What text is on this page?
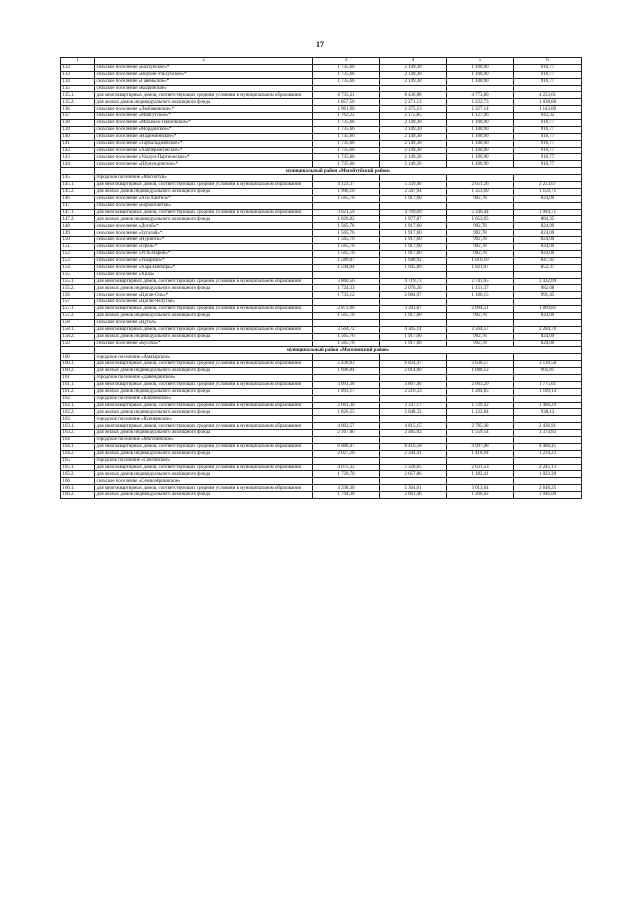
17
1	2	3	4	5	6
132	сельское поселение «Бахтуйское»*	1 735,66	2 149,30	1 100,90	916,77
133	сельское поселение «Верхне-Ульхунское»*	1 735,66	2 149,30	1 100,90	916,77
134	сельское поселение «Гавеньское»*	1 735,66	2 149,30	1 100,90	916,77
135	сельское поселение «Кыринское»				
135.1.	для многоквартирных домов, соответствующих средним условиям в муниципальном образовании	6 735,21	8 436,88	4 773,80	4 253,61
135.2.	для жилых домов индивидуального жилищного фонда	1 857,50	2 271,13	1 222,73	1 038,60
136	сельское поселение «Любавинское»*	1 961,90	2 375,53	1 327,14	1 143,00
137	сельское поселение «Мангутское»*	1 762,22	2 175,85	1 127,46	943,32
138	сельское поселение «Михайло-Павловское»*	1 735,66	2 149,30	1 100,90	916,77
139	сельское поселение «Мордойское»*	1 735,66	2 149,30	1 100,90	916,77
140	сельское поселение «Надёжнинское»*	1 735,66	2 149,30	1 100,90	916,77
141	сельское поселение «Тарбальджейское»*	1 735,66	2 149,30	1 100,90	916,77
142	сельское поселение «Хапчерангинское»*	1 735,66	2 149,30	1 100,90	916,77
143	сельское поселение «Ульхун-Партионское»*	1 735,66	2 149,30	1 100,90	916,77
144	сельское поселение «Шумундинское»*	1 735,66	2 149,30	1 100,90	916,77
	муниципальный район «Могойтуйский район»				
145	городское поселение «Могойтуй»				
145.1.	для многоквартирных домов, соответствующих средним условиям в муниципальном образовании	4 123,37	5 339,46	2 651,26	2 253,07
145.2.	для жилых домов индивидуального жилищного фонда	1 996,10	2 347,94	1 353,09	1 159,71
146	сельское поселение «Ага-Хангил»*	1 565,76	1 917,60	992,78	824,09
147	сельское поселение «Боржигантай»				
147.1.	для многоквартирных домов, соответствующих средним условиям в муниципальном образовании	3 621,59	4 709,09	2 340,44	1 994,71
147.2.	для жилых домов индивидуального жилищного фонда	1 626,02	1 977,87	1 053,05	884,35
148	сельское поселение «Догой»*	1 565,76	1 917,60	992,78	824,09
149	сельское поселение «Зугалай»*	1 565,76	1 917,60	992,78	824,09
150	сельское поселение «Нуринск»*	1 565,76	1 917,60	992,78	824,09
151	сельское поселение «Орой»*	1 565,76	1 917,60	992,78	824,09
152	сельское поселение «Усть-Нарин»*	1 565,76	1 917,60	992,78	824,09
153	сельское поселение «Ушарбай»*	1 589,07	1 940,92	1 016,10	847,41
154	сельское поселение «Хара-Шибирь»*	1 594,04	1 945,89	1 021,07	852,37
155	сельское поселение «Хила»				
155.1.	для многоквартирных домов, соответствующих средним условиям в муниципальном образовании	3 860,56	4 719,73	2 741,65	2 432,09
155.2.	для жилых домов индивидуального жилищного фонда	1 724,33	2 076,20	1 151,37	982,68
156	сельское поселение «Цаган-Оль»*	1 733,12	2 084,97	1 160,15	991,45
157	сельское поселение «Цаган-Челутай»				
157.1.	для многоквартирных домов, соответствующих средним условиям в муниципальном образовании	2 873,96	3 393,67	2 094,51	1 869,81
157.2.	для жилых домов индивидуального жилищного фонда	1 565,76	1 917,60	992,78	824,09
158	сельское поселение «Цугол»				
158.1.	для многоквартирных домов, соответствующих средним условиям в муниципальном образовании	3 564,72	4 305,14	2 564,57	2 284,70
158.2.	для жилых домов индивидуального жилищного фонда	1 565,76	1 917,60	992,78	824,09
159	сельское поселение «Кусоча»*	1 565,76	1 917,60	992,78	824,09
	муниципальный район «Могочинский район»				
160	городское поселение «Амазарское»				
160.1.	для многоквартирных домов, соответствующих средним условиям в муниципальном образовании	5 430,83	6 824,47	3 630,57	3 136,58
160.2.	для жилых домов индивидуального жилищного фонда	1 696,84	2 014,00	1 088,52	905,81
161	городское поселение «Давендинское»				
161.1.	для многоквартирных домов, соответствующих средним условиям в муниципальном образовании	3 093,38	3 867,46	2 063,29	1 775,61
161.2.	для жилых домов индивидуального жилищного фонда	1 893,17	2 210,33	1 284,85	1 109,14
162	городское поселение «Ключевское»				
162.1.	для многоквартирных домов, соответствующих средним условиям в муниципальном образовании	2 661,30	3 337,17	1 729,42	1 466,29
162.2.	для жилых домов индивидуального жилищного фонда	1 826,55	2 048,32	1 122,84	938,13
163	городское поселение «Ксеньевское»				
163.1.	для многоквартирных домов, соответствующих средним условиям в муниципальном образовании	4 003,57	4 815,15	2 785,38	2 436,91
163.2.	для жилых домов индивидуального жилищного фонда	2 167,86	2 485,02	1 559,54	1 374,83
164	городское поселение «Могочинское»				
164.1.	для многоквартирных домов, соответствующих средним условиям в муниципальном образовании	6 880,47	8 416,58	4 997,98	4 488,45
164.2.	для жилых домов индивидуального жилищного фонда	2 027,26	2 344,41	1 418,94	1 234,23
165	городское поселение «Сбегинское»				
165.1.	для многоквартирных домов, соответствующих средним условиям в муниципальном образовании	4 075,32	5 326,05	2 631,53	2 245,13
165.2.	для жилых домов индивидуального жилищного фонда	1 720,70	2 057,86	1 182,41	1 022,39
166	сельское поселение «Семиозёрнинское»				
166.1.	для многоквартирных домов, соответствующих средним условиям в муниципальном образовании	4 338,30	5 364,61	3 013,64	2 648,25
166.2.	для жилых домов индивидуального жилищного фонда	1 744,30	2 061,46	1 206,02	1 046,00
